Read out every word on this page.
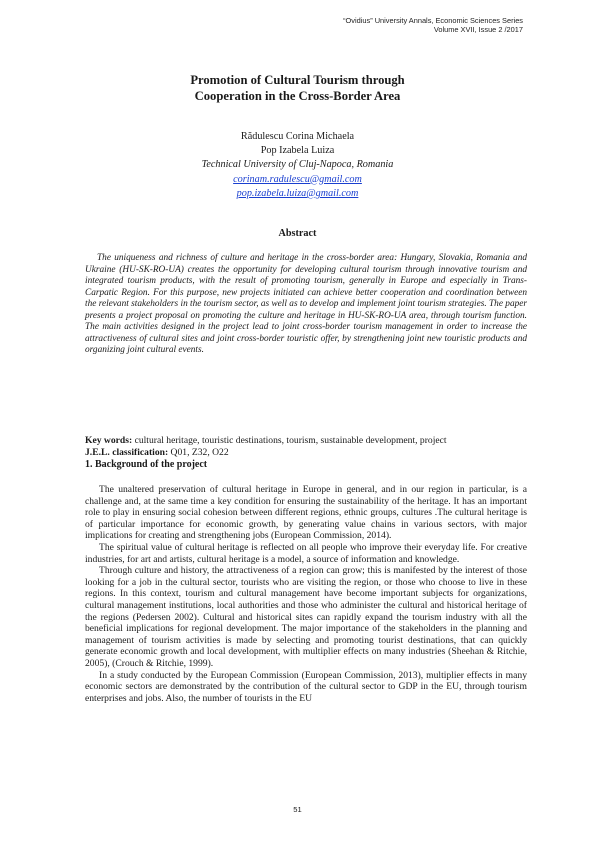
“Ovidius” University Annals, Economic Sciences Series
Volume XVII, Issue 2 /2017
Promotion of Cultural Tourism through
Cooperation in the Cross-Border Area
Rădulescu Corina Michaela
Pop Izabela Luiza
Technical University of Cluj-Napoca, Romania
corinam.radulescu@gmail.com
pop.izabela.luiza@gmail.com
Abstract

The uniqueness and richness of culture and heritage in the cross-border area: Hungary, Slovakia, Romania and Ukraine (HU-SK-RO-UA) creates the opportunity for developing cultural tourism through innovative tourism and integrated tourism products, with the result of promoting tourism, generally in Europe and especially in Trans-Carpatic Region. For this purpose, new projects initiated can achieve better cooperation and coordination between the relevant stakeholders in the tourism sector, as well as to develop and implement joint tourism strategies. The paper presents a project proposal on promoting the culture and heritage in HU-SK-RO-UA area, through tourism function. The main activities designed in the project lead to joint cross-border tourism management in order to increase the attractiveness of cultural sites and joint cross-border touristic offer, by strengthening joint new touristic products and organizing joint cultural events.

Key words: cultural heritage, touristic destinations, tourism, sustainable development, project
J.E.L. classification: Q01, Z32, O22
1. Background of the project

The unaltered preservation of cultural heritage in Europe in general, and in our region in particular, is a challenge and, at the same time a key condition for ensuring the sustainability of the heritage. It has an important role to play in ensuring social cohesion between different regions, ethnic groups, cultures .The cultural heritage is of particular importance for economic growth, by generating value chains in various sectors, with major implications for creating and strengthening jobs (European Commission, 2014).

The spiritual value of cultural heritage is reflected on all people who improve their everyday life. For creative industries, for art and artists, cultural heritage is a model, a source of information and knowledge.

Through culture and history, the attractiveness of a region can grow; this is manifested by the interest of those looking for a job in the cultural sector, tourists who are visiting the region, or those who choose to live in these regions. In this context, tourism and cultural management have become important subjects for organizations, cultural management institutions, local authorities and those who administer the cultural and historical heritage of the regions (Pedersen 2002). Cultural and historical sites can rapidly expand the tourism industry with all the beneficial implications for regional development. The major importance of the stakeholders in the planning and management of tourism activities is made by selecting and promoting tourist destinations, that can quickly generate economic growth and local development, with multiplier effects on many industries (Sheehan & Ritchie, 2005), (Crouch & Ritchie, 1999).

In a study conducted by the European Commission (European Commission, 2013), multiplier effects in many economic sectors are demonstrated by the contribution of the cultural sector to GDP in the EU, through tourism enterprises and jobs. Also, the number of tourists in the EU

51
